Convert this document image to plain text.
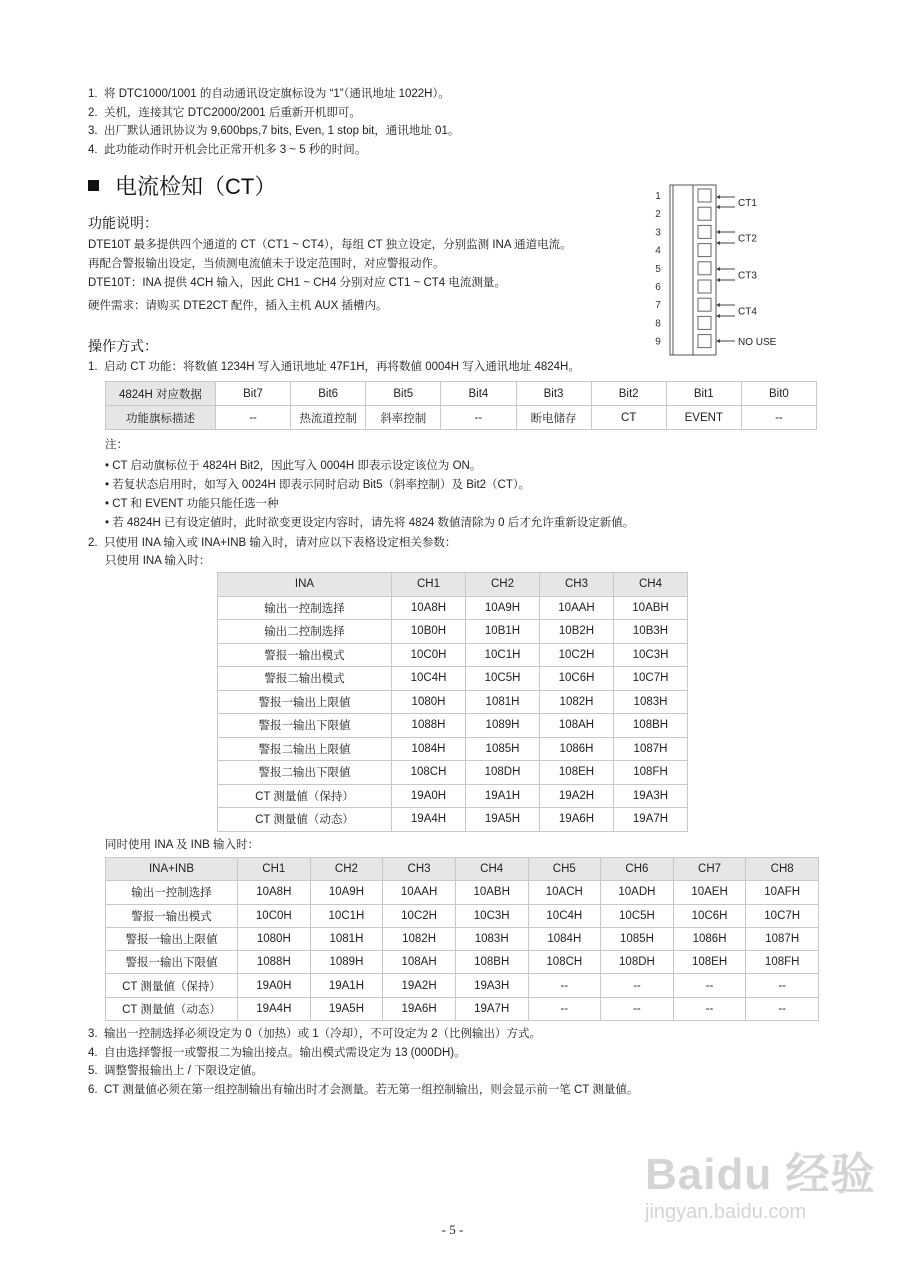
1. 将 DTC1000/1001 的自动通讯设定旗标设为 “1”（通讯地址 1022H）。
2. 关机，连接其它 DTC2000/2001 后重新开机即可。
3. 出厂默认通讯协议为 9,600bps,7 bits, Even, 1 stop bit，通讯地址 01。
4. 此功能动作时开机会比正常开机多 3 ~ 5 秒的时间。
电流检知（CT）
功能说明：
DTE10T 最多提供四个通道的 CT（CT1 ~ CT4），每组 CT 独立设定，分别监测 INA 通道电流。
再配合警报输出设定，当侦测电流値未于设定范围时，对应警报动作。
DTE10T：INA 提供 4CH 输入，因此 CH1 ~ CH4 分别对应 CT1 ~ CT4 电流测量。
硬件需求：请购买 DTE2CT 配件，插入主机 AUX 插槽内。
1
2
3
4
5
6
7
8
9
CT1
CT2
CT3
CT4
NO USE
操作方式：
1. 启动 CT 功能：将数値 1234H 写入通讯地址 47F1H，再将数値 0004H 写入通讯地址 4824H。
4824H 对应数据	Bit7	Bit6	Bit5	Bit4	Bit3	Bit2	Bit1	Bit0
功能旗标描述	--	热流道控制	斜率控制	--	断电储存	CT	EVENT	--
注：
• CT 启动旗标位于 4824H Bit2，因此写入 0004H 即表示设定该位为 ON。
• 若复状态启用时，如写入 0024H 即表示同时启动 Bit5（斜率控制）及 Bit2（CT）。
• CT 和 EVENT 功能只能任选一种
• 若 4824H 已有设定値时，此时欲变更设定内容时，请先将 4824 数値清除为 0 后才允许重新设定新値。
2. 只使用 INA 输入或 INA+INB 输入时，请对应以下表格设定相关参数：
只使用 INA 输入时：
INA	CH1	CH2	CH3	CH4
输出一控制选择	10A8H	10A9H	10AAH	10ABH
输出二控制选择	10B0H	10B1H	10B2H	10B3H
警报一输出模式	10C0H	10C1H	10C2H	10C3H
警报二输出模式	10C4H	10C5H	10C6H	10C7H
警报一输出上限値	1080H	1081H	1082H	1083H
警报一输出下限値	1088H	1089H	108AH	108BH
警报二输出上限値	1084H	1085H	1086H	1087H
警报二输出下限値	108CH	108DH	108EH	108FH
CT 测量値（保持）	19A0H	19A1H	19A2H	19A3H
CT 测量値（动态）	19A4H	19A5H	19A6H	19A7H
同时使用 INA 及 INB 输入时：
INA+INB	CH1	CH2	CH3	CH4	CH5	CH6	CH7	CH8
输出一控制选择	10A8H	10A9H	10AAH	10ABH	10ACH	10ADH	10AEH	10AFH
警报一输出模式	10C0H	10C1H	10C2H	10C3H	10C4H	10C5H	10C6H	10C7H
警报一输出上限値	1080H	1081H	1082H	1083H	1084H	1085H	1086H	1087H
警报一输出下限値	1088H	1089H	108AH	108BH	108CH	108DH	108EH	108FH
CT 测量値（保持）	19A0H	19A1H	19A2H	19A3H	--	--	--	--
CT 测量値（动态）	19A4H	19A5H	19A6H	19A7H	--	--	--	--
3. 输出一控制选择必须设定为 0（加热）或 1（冷却），不可设定为 2（比例输出）方式。
4. 自由选择警报一或警报二为输出接点。输出模式需设定为 13 (000DH)。
5. 调整警报输出上 / 下限设定値。
6. CT 测量値必须在第一组控制输出有输出时才会测量。若无第一组控制输出，则会显示前一笔 CT 测量値。
Baidu 经验
jingyan.baidu.com
- 5 -
